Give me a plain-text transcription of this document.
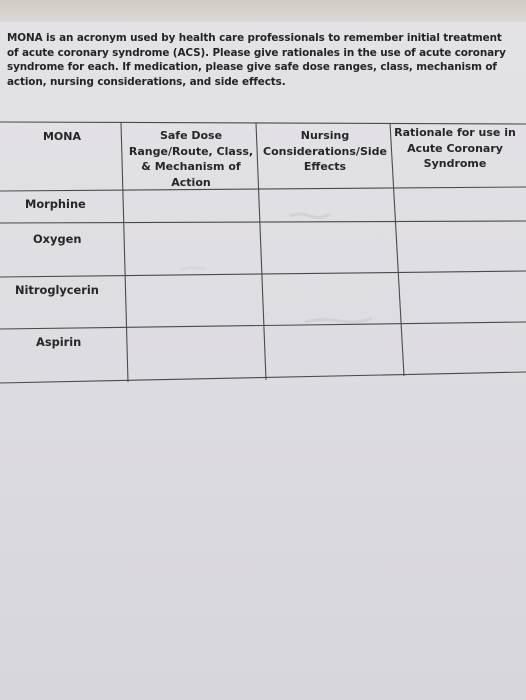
MONA is an acronym used by health care professionals to remember initial treatment of acute coronary syndrome (ACS). Please give rationales in the use of acute coronary syndrome for each. If medication, please give safe dose ranges, class, mechanism of action, nursing considerations, and side effects.
MONA	Safe Dose
Range/Route, Class,
& Mechanism of
Action
Nursing
Considerations/Side
Effects
Rationale for use in
Acute Coronary
Syndrome
Morphine
Oxygen
Nitroglycerin
Aspirin
